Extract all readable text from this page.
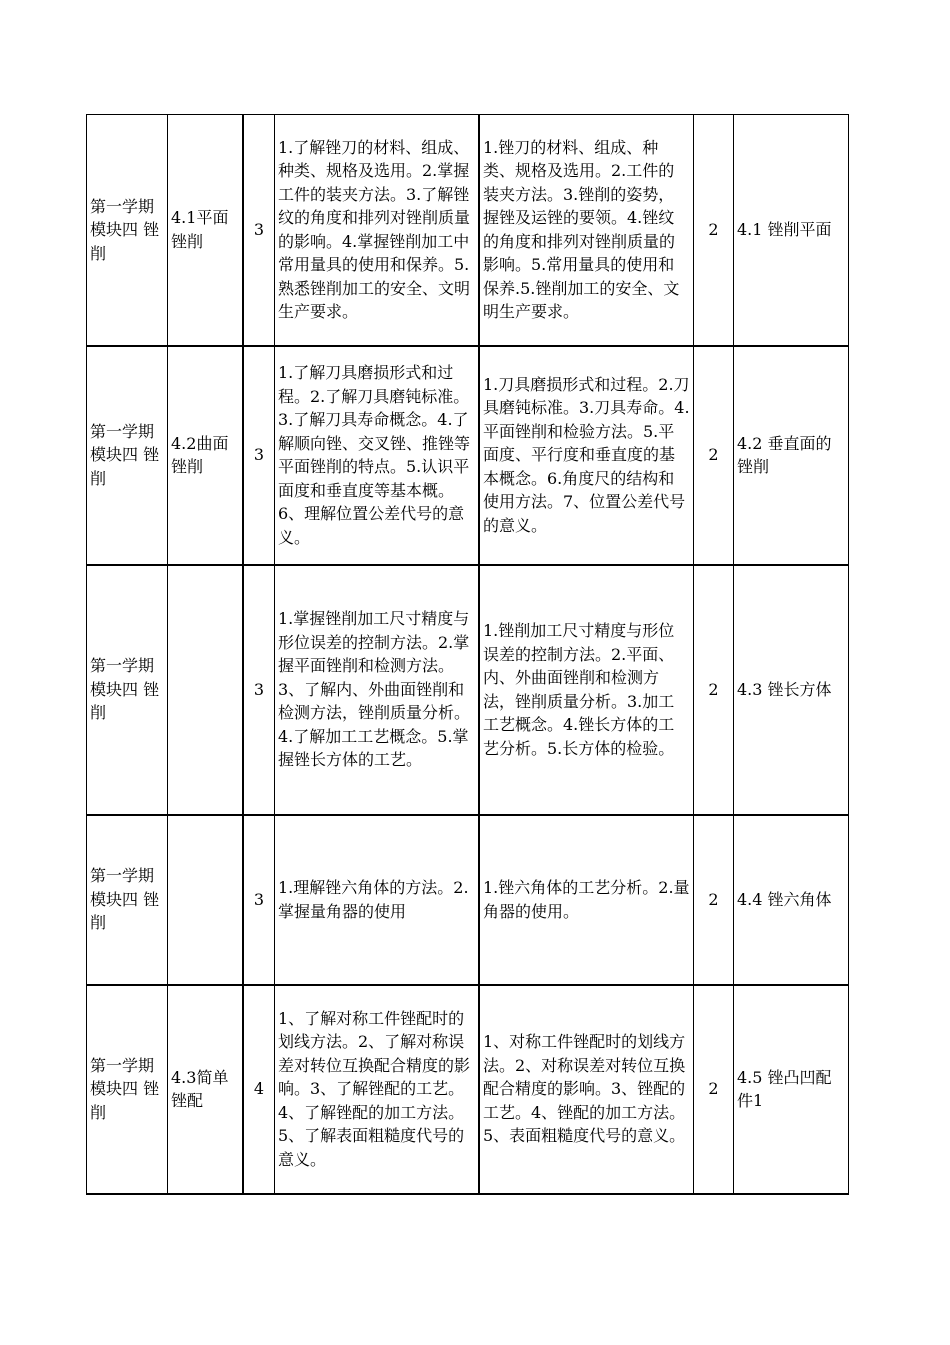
第一学期模块四 锉削	4.1平面锉削	3	1.了解锉刀的材料、组成、种类、规格及选用。2.掌握工件的装夹方法。3.了解锉纹的角度和排列对锉削质量的影响。4.掌握锉削加工中常用量具的使用和保养。5.熟悉锉削加工的安全、文明生产要求。	1.锉刀的材料、组成、种类、规格及选用。2.工件的装夹方法。3.锉削的姿势，握锉及运锉的要领。4.锉纹的角度和排列对锉削质量的影响。5.常用量具的使用和保养.5.锉削加工的安全、文明生产要求。	2	4.1 锉削平面
第一学期模块四 锉削	4.2曲面锉削	3	1.了解刀具磨损形式和过程。2.了解刀具磨钝标准。3.了解刀具寿命概念。4.了解顺向锉、交叉锉、推锉等平面锉削的特点。5.认识平面度和垂直度等基本概。6、理解位置公差代号的意义。	1.刀具磨损形式和过程。2.刀具磨钝标准。3.刀具寿命。4.平面锉削和检验方法。5.平面度、平行度和垂直度的基本概念。6.角度尺的结构和使用方法。7、位置公差代号的意义。	2	4.2 垂直面的锉削
第一学期模块四 锉削		3	1.掌握锉削加工尺寸精度与形位误差的控制方法。2.掌握平面锉削和检测方法。3、了解内、外曲面锉削和检测方法，锉削质量分析。4.了解加工工艺概念。5.掌握锉长方体的工艺。	1.锉削加工尺寸精度与形位误差的控制方法。2.平面、内、外曲面锉削和检测方法，锉削质量分析。3.加工工艺概念。4.锉长方体的工艺分析。5.长方体的检验。	2	4.3 锉长方体
第一学期模块四 锉削		3	1.理解锉六角体的方法。2.掌握量角器的使用	1.锉六角体的工艺分析。2.量角器的使用。	2	4.4 锉六角体
第一学期模块四 锉削	4.3简单锉配	4	1、了解对称工件锉配时的划线方法。2、了解对称误差对转位互换配合精度的影响。3、了解锉配的工艺。4、了解锉配的加工方法。5、了解表面粗糙度代号的意义。	1、对称工件锉配时的划线方法。2、对称误差对转位互换配合精度的影响。3、锉配的工艺。4、锉配的加工方法。5、表面粗糙度代号的意义。	2	4.5 锉凸凹配件1
